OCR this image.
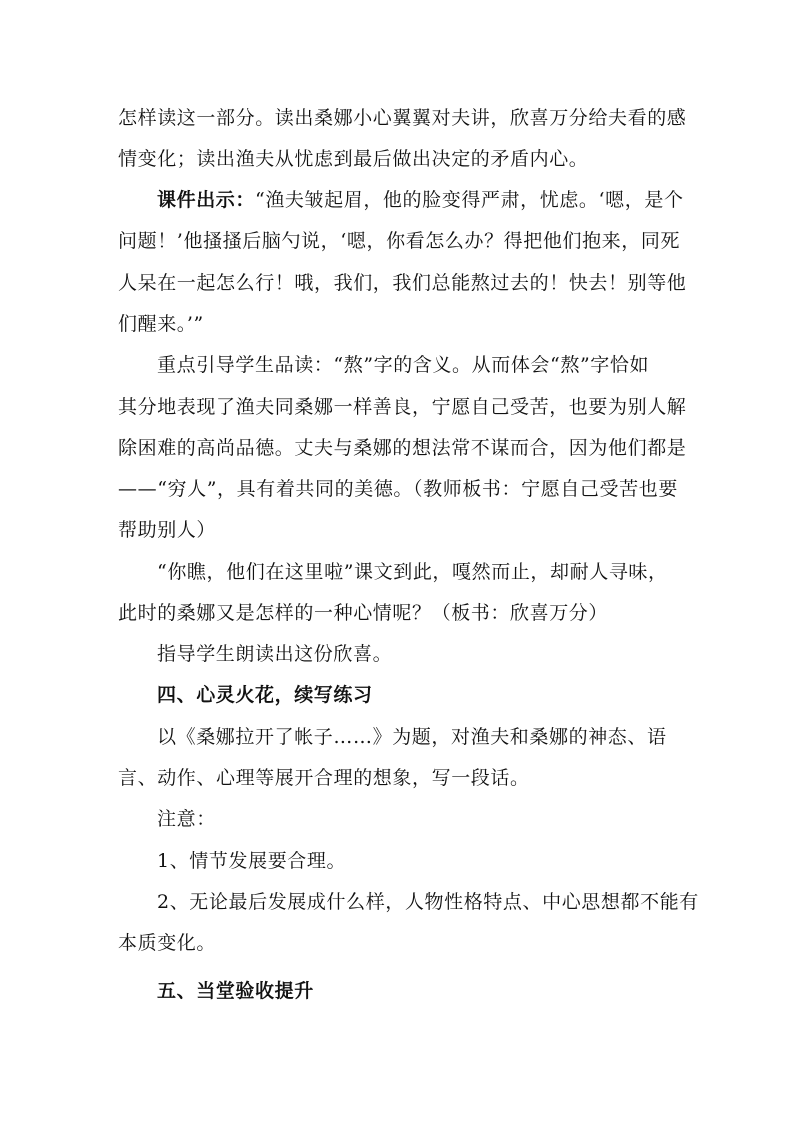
怎样读这一部分。读出桑娜小心翼翼对夫讲，欣喜万分给夫看的感
情变化；读出渔夫从忧虑到最后做出决定的矛盾内心。
课件出示：“渔夫皱起眉，他的脸变得严肃，忧虑。‘嗯，是个
问题！’他搔搔后脑勺说，‘嗯，你看怎么办？得把他们抱来，同死
人呆在一起怎么行！哦，我们，我们总能熬过去的！快去！别等他
们醒来。’”
重点引导学生品读：“熬”字的含义。从而体会“熬”字恰如
其分地表现了渔夫同桑娜一样善良，宁愿自己受苦，也要为别人解
除困难的高尚品德。丈夫与桑娜的想法常不谋而合，因为他们都是
——“穷人”，具有着共同的美德。（教师板书：宁愿自己受苦也要
帮助别人）
“你瞧，他们在这里啦”课文到此，嘎然而止，却耐人寻味，
此时的桑娜又是怎样的一种心情呢？（板书：欣喜万分）
指导学生朗读出这份欣喜。
四、心灵火花，续写练习
以《桑娜拉开了帐子……》为题，对渔夫和桑娜的神态、语
言、动作、心理等展开合理的想象，写一段话。
注意：
1、情节发展要合理。
2、无论最后发展成什么样，人物性格特点、中心思想都不能有
本质变化。
五、当堂验收提升
